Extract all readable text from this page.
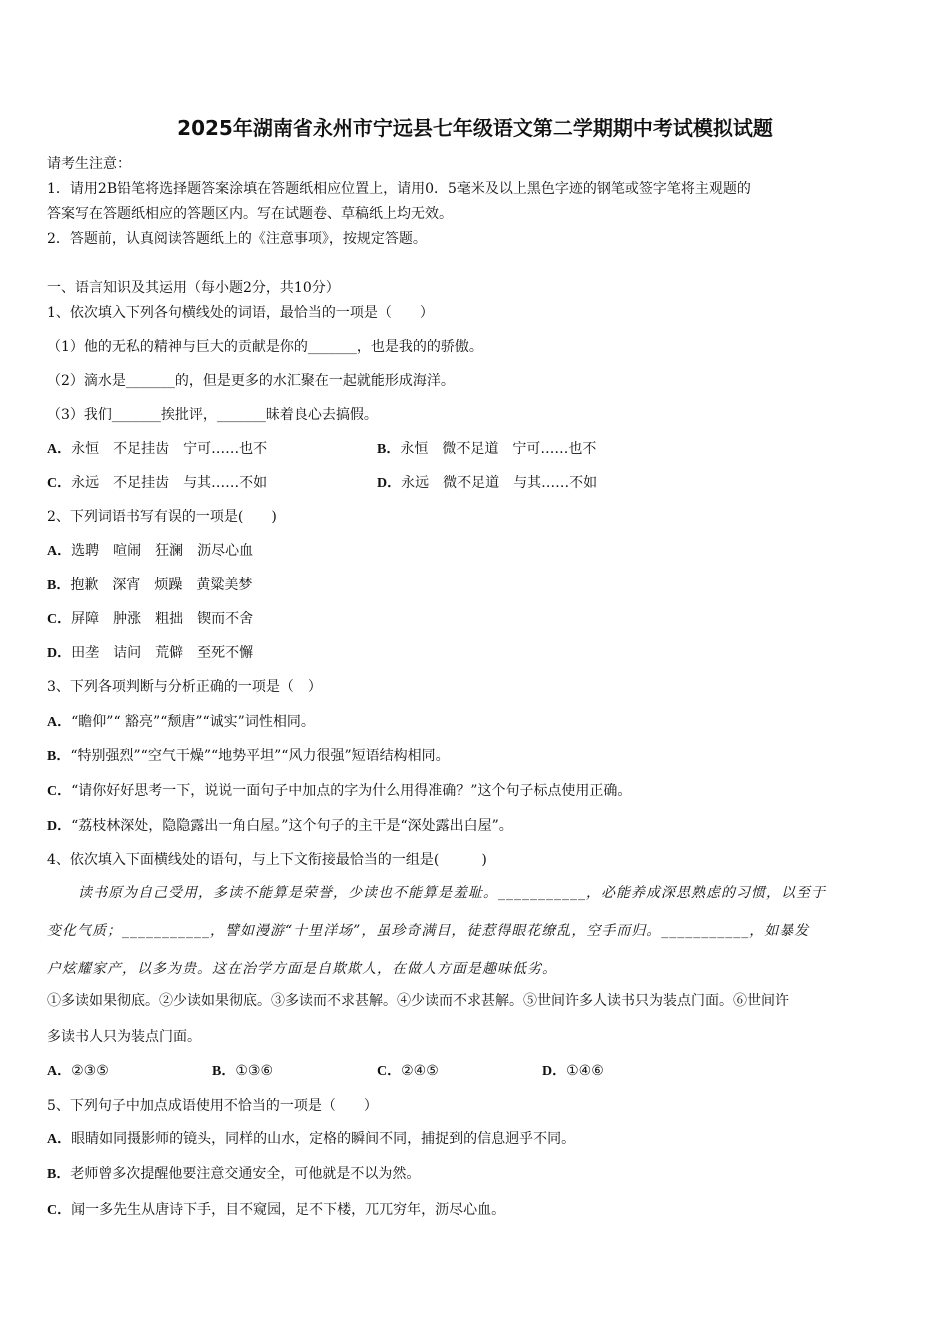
2025年湖南省永州市宁远县七年级语文第二学期期中考试模拟试题
请考生注意：
1．请用2B铅笔将选择题答案涂填在答题纸相应位置上，请用0．5毫米及以上黑色字迹的钢笔或签字笔将主观题的
答案写在答题纸相应的答题区内。写在试题卷、草稿纸上均无效。
2．答题前，认真阅读答题纸上的《注意事项》，按规定答题。
一、语言知识及其运用（每小题2分，共10分）
1、依次填入下列各句横线处的词语，最恰当的一项是（　　）
（1）他的无私的精神与巨大的贡献是你的_______，也是我的的骄傲。
（2）滴水是_______的，但是更多的水汇聚在一起就能形成海洋。
（3）我们_______挨批评，_______昧着良心去搞假。
A．永恒　不足挂齿　宁可……也不	B．永恒　微不足道　宁可……也不
C．永远　不足挂齿　与其……不如	D．永远　微不足道　与其……不如
2、下列词语书写有误的一项是(　　)
A．选聘　喧闹　狂澜　沥尽心血
B．抱歉　深宵　烦躁　黄粱美梦
C．屏障　肿涨　粗拙　锲而不舍
D．田垄　诘问　荒僻　至死不懈
3、下列各项判断与分析正确的一项是（　）
A．“瞻仰”“ 豁亮”“颓唐”“诚实”词性相同。
B．“特别强烈”“空气干燥”“地势平坦”“风力很强”短语结构相同。
C．“请你好好思考一下，说说一面句子中加点的字为什么用得准确？”这个句子标点使用正确。
D．“荔枝林深处，隐隐露出一角白屋。”这个句子的主干是“深处露出白屋”。
4、依次填入下面横线处的语句，与上下文衔接最恰当的一组是(　　　)
读书原为自己受用，多读不能算是荣誉，少读也不能算是羞耻。___________，必能养成深思熟虑的习惯，以至于
变化气质；___________，譬如漫游“十里洋场”，虽珍奇满目，徒惹得眼花缭乱，空手而归。___________，如暴发
户炫耀家产，以多为贵。这在治学方面是自欺欺人，在做人方面是趣味低劣。
①多读如果彻底。②少读如果彻底。③多读而不求甚解。④少读而不求甚解。⑤世间许多人读书只为装点门面。⑥世间许
多读书人只为装点门面。
A．②③⑤	B．①③⑥	C．②④⑤	D．①④⑥
5、下列句子中加点成语使用不恰当的一项是（　　）
A．眼睛如同摄影师的镜头，同样的山水，定格的瞬间不同，捕捉到的信息迥乎不同。
B．老师曾多次提醒他要注意交通安全，可他就是不以为然。
C．闻一多先生从唐诗下手，目不窥园，足不下楼，兀兀穷年，沥尽心血。
